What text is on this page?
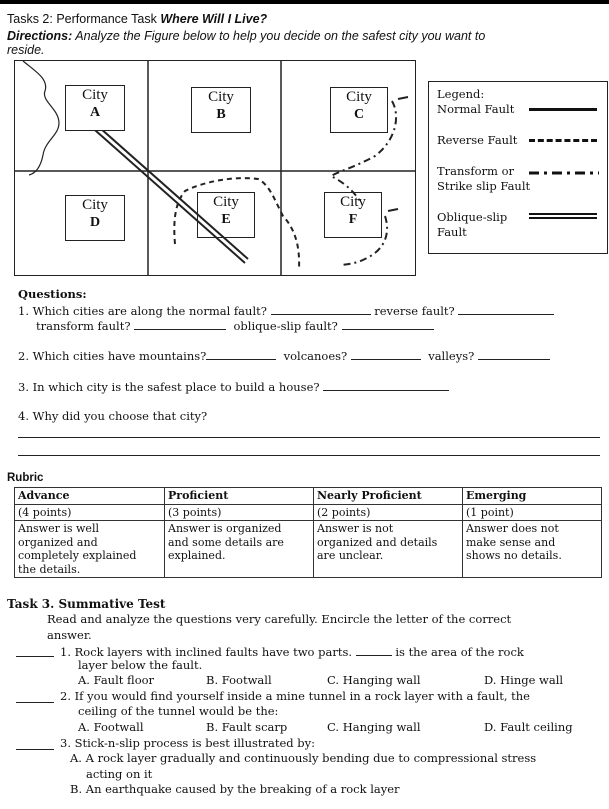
Tasks 2: Performance Task Where Will I Live?
Directions: Analyze the Figure below to help you decide on the safest city you want to
reside.
City
A
City
B
City
C
City
D
City
E
City
F
Legend:
Normal Fault
Reverse Fault
Transform or
Strike slip Fault
Oblique-slip
Fault
Questions:
1. Which cities are along the normal fault?	reverse fault?
transform fault?	oblique-slip fault?
2. Which cities have mountains?	volcanoes?	valleys?
3. In which city is the safest place to build a house?
4. Why did you choose that city?
Rubric
Advance	Proficient	Nearly Proficient	Emerging
(4 points)	(3 points)	(2 points)	(1 point)
Answer is well
organized and
completely explained
the details.	Answer is organized
and some details are
explained.	Answer is not
organized and details
are unclear.	Answer does not
make sense and
shows no details.
Task 3. Summative Test
Read and analyze the questions very carefully. Encircle the letter of the correct
answer.
1. Rock layers with inclined faults have two parts.	is the area of the rock
layer below the fault.
A. Fault floor	B. Footwall	C. Hanging wall	D. Hinge wall
2. If you would find yourself inside a mine tunnel in a rock layer with a fault, the
ceiling of the tunnel would be the:
A. Footwall	B. Fault scarp	C. Hanging wall	D. Fault ceiling
3. Stick-n-slip process is best illustrated by:
A. A rock layer gradually and continuously bending due to compressional stress
acting on it
B. An earthquake caused by the breaking of a rock layer
